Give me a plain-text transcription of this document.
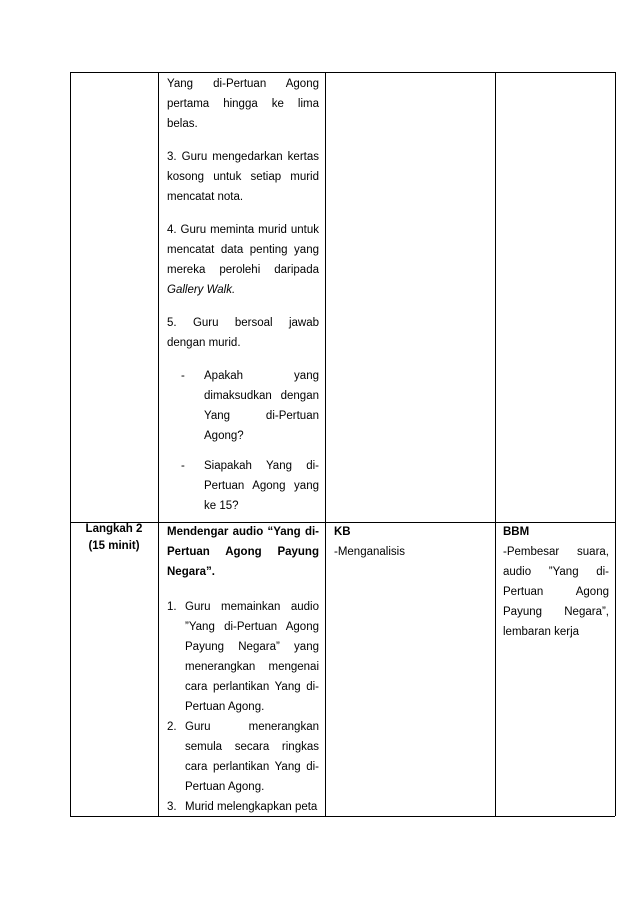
Yang di-Pertuan Agong
pertama hingga ke lima
belas.
3. Guru mengedarkan kertas
kosong untuk setiap murid
mencatat nota.
4. Guru meminta murid untuk
mencatat data penting yang
mereka perolehi daripada
Gallery Walk.
5. Guru bersoal jawab
dengan murid.
- Apakah yang
dimaksudkan dengan
Yang di-Pertuan
Agong?
- Siapakah Yang di-
Pertuan Agong yang
ke 15?
Langkah 2
(15 minit)
Mendengar audio “Yang di-
Pertuan Agong Payung
Negara”.
1. Guru memainkan audio
”Yang di-Pertuan Agong
Payung Negara” yang
menerangkan mengenai
cara perlantikan Yang di-
Pertuan Agong.
2. Guru menerangkan
semula secara ringkas
cara perlantikan Yang di-
Pertuan Agong.
3. Murid melengkapkan peta
KB
-Menganalisis
BBM
-Pembesar suara,
audio ”Yang di-
Pertuan Agong
Payung Negara”,
lembaran kerja
